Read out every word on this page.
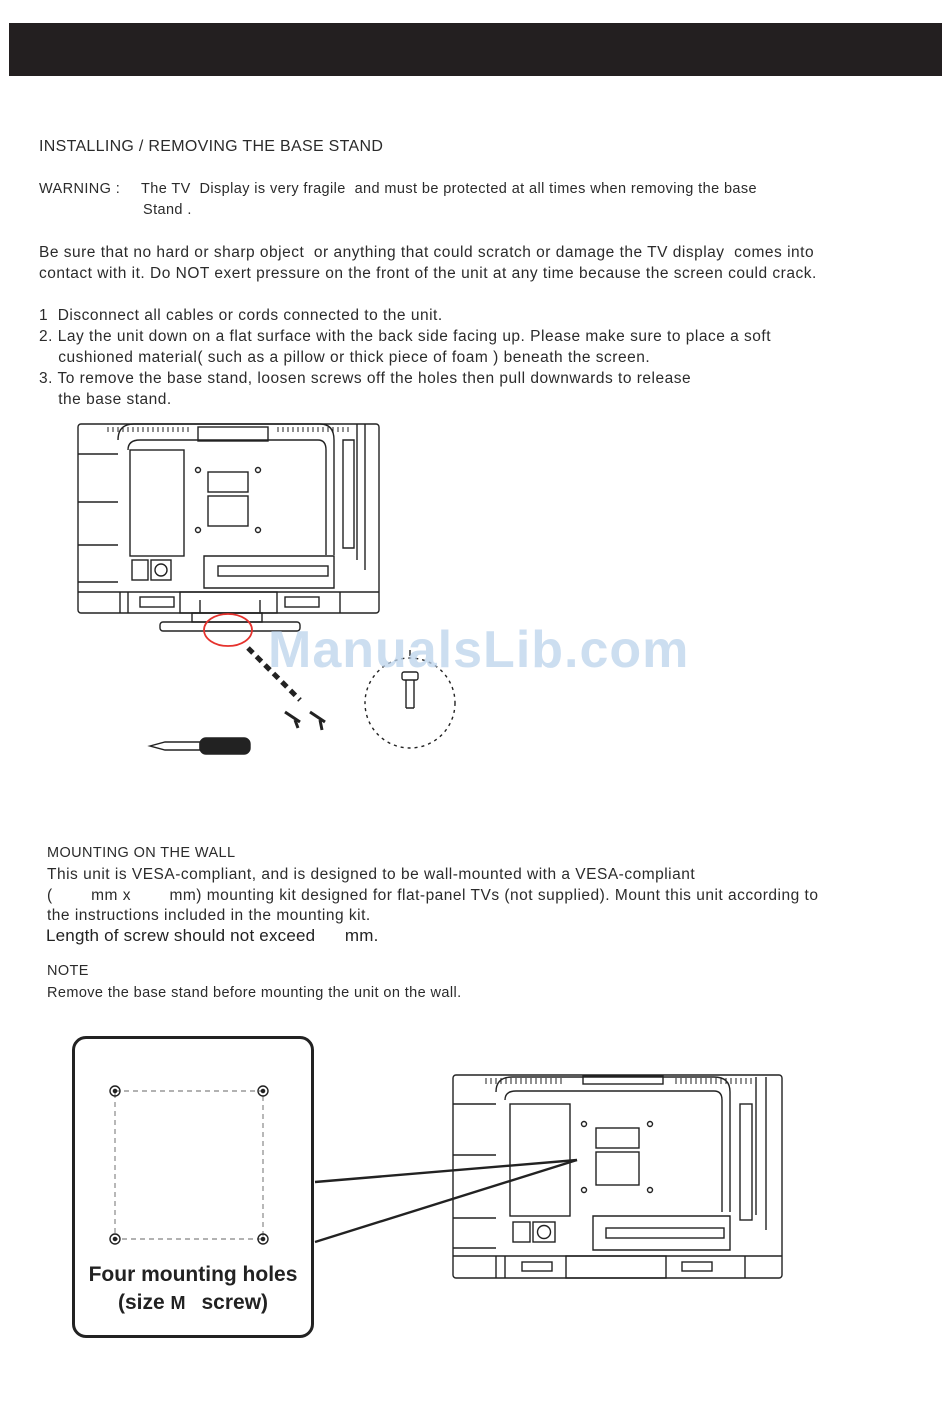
INSTALLING / REMOVING THE BASE STAND
WARNING : The TV  Display is very fragile  and must be protected at all times when removing the base
Stand .
Be sure that no hard or sharp object  or anything that could scratch or damage the TV display  comes into
contact with it. Do NOT exert pressure on the front of the unit at any time because the screen could crack.
1  Disconnect all cables or cords connected to the unit.
2. Lay the unit down on a flat surface with the back side facing up. Please make sure to place a soft
cushioned material( such as a pillow or thick piece of foam ) beneath the screen.
3. To remove the base stand, loosen screws off the holes then pull downwards to release
the base stand.
ManualsLib.com
MOUNTING ON THE WALL
This unit is VESA-compliant, and is designed to be wall-mounted with a VESA-compliant
(        mm x        mm) mounting kit designed for flat-panel TVs (not supplied). Mount this unit according to
the instructions included in the mounting kit.
Length of screw should not exceed      mm.
NOTE
Remove the base stand before mounting the unit on the wall.
Four mounting holes
(size M screw)
